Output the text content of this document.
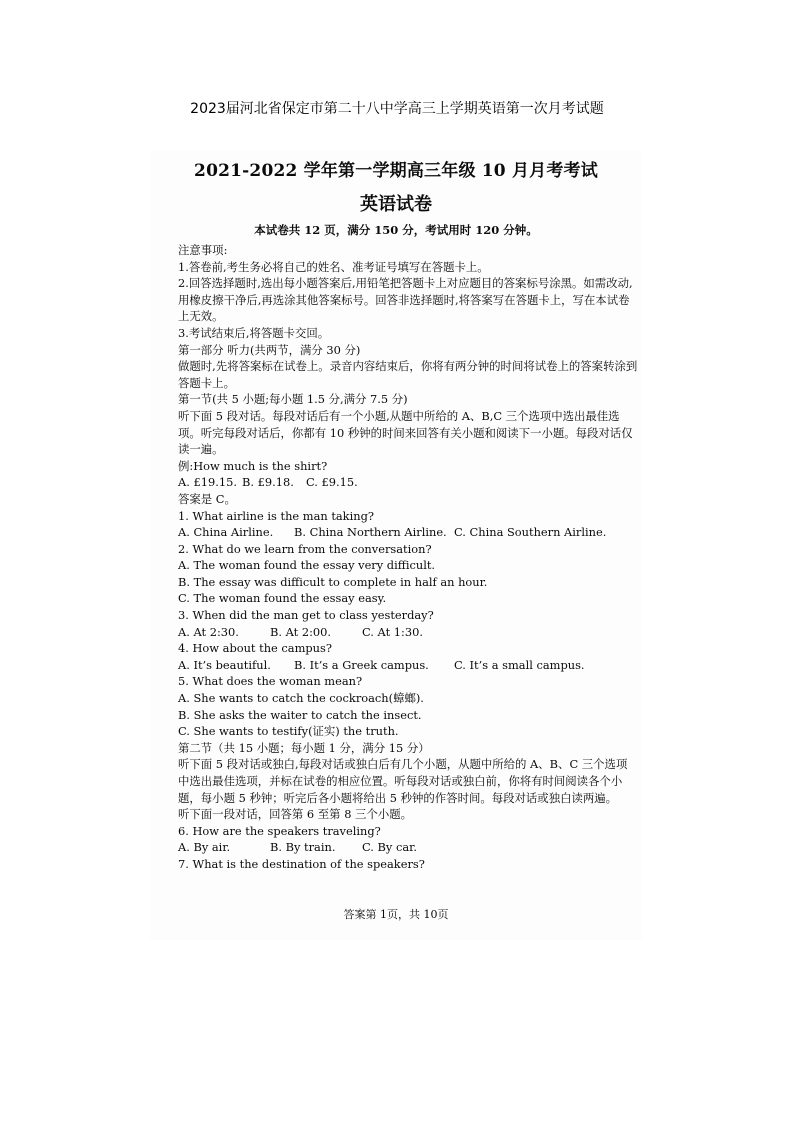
2023届河北省保定市第二十八中学高三上学期英语第一次月考试题
2021-2022 学年第一学期高三年级 10 月月考考试
英语试卷
本试卷共 12 页，满分 150 分，考试用时 120 分钟。
注意事项:
1.答卷前,考生务必将自己的姓名、准考证号填写在答题卡上。
2.回答选择题时,选出每小题答案后,用铅笔把答题卡上对应题目的答案标号涂黑。如需改动,用橡皮擦干净后,再选涂其他答案标号。回答非选择题时,将答案写在答题卡上，写在本试卷上无效。
3.考试结束后,将答题卡交回。
第一部分 听力(共两节，满分 30 分)
做题时,先将答案标在试卷上。录音内容结束后，你将有两分钟的时间将试卷上的答案转涂到答题卡上。
第一节(共 5 小题;每小题 1.5 分,满分 7.5 分)
听下面 5 段对话。每段对话后有一个小题,从题中所给的 A、B,C 三个选项中选出最佳选项。听完每段对话后，你都有 10 秒钟的时间来回答有关小题和阅读下一小题。每段对话仅读一遍。
例:How much is the shirt?
A. £19.15. B. £9.18.	C. £9.15.
答案是 C。
1. What airline is the man taking?
A. China Airline.	B. China Northern Airline. C. China Southern Airline.
2. What do we learn from the conversation?
A. The woman found the essay very difficult.
B. The essay was difficult to complete in half an hour.
C. The woman found the essay easy.
3. When did the man get to class yesterday?
A. At 2:30.	B. At 2:00.	C. At 1:30.
4. How about the campus?
A. It’s beautiful.	B. It’s a Greek campus.	C. It’s a small campus.
5. What does the woman mean?
A. She wants to catch the cockroach(蟑螂).
B. She asks the waiter to catch the insect.
C. She wants to testify(证实) the truth.
第二节（共 15 小题；每小题 1 分，满分 15 分）
听下面 5 段对话或独白,每段对话或独白后有几个小题，从题中所给的 A、B、C 三个选项中选出最佳选项，并标在试卷的相应位置。听每段对话或独白前，你将有时间阅读各个小题，每小题 5 秒钟；听完后各小题将给出 5 秒钟的作答时间。每段对话或独白读两遍。
听下面一段对话，回答第 6 至第 8 三个小题。
6. How are the speakers traveling?
A. By air.	B. By train.	C. By car.
7. What is the destination of the speakers?
答案第 1页，共 10页
